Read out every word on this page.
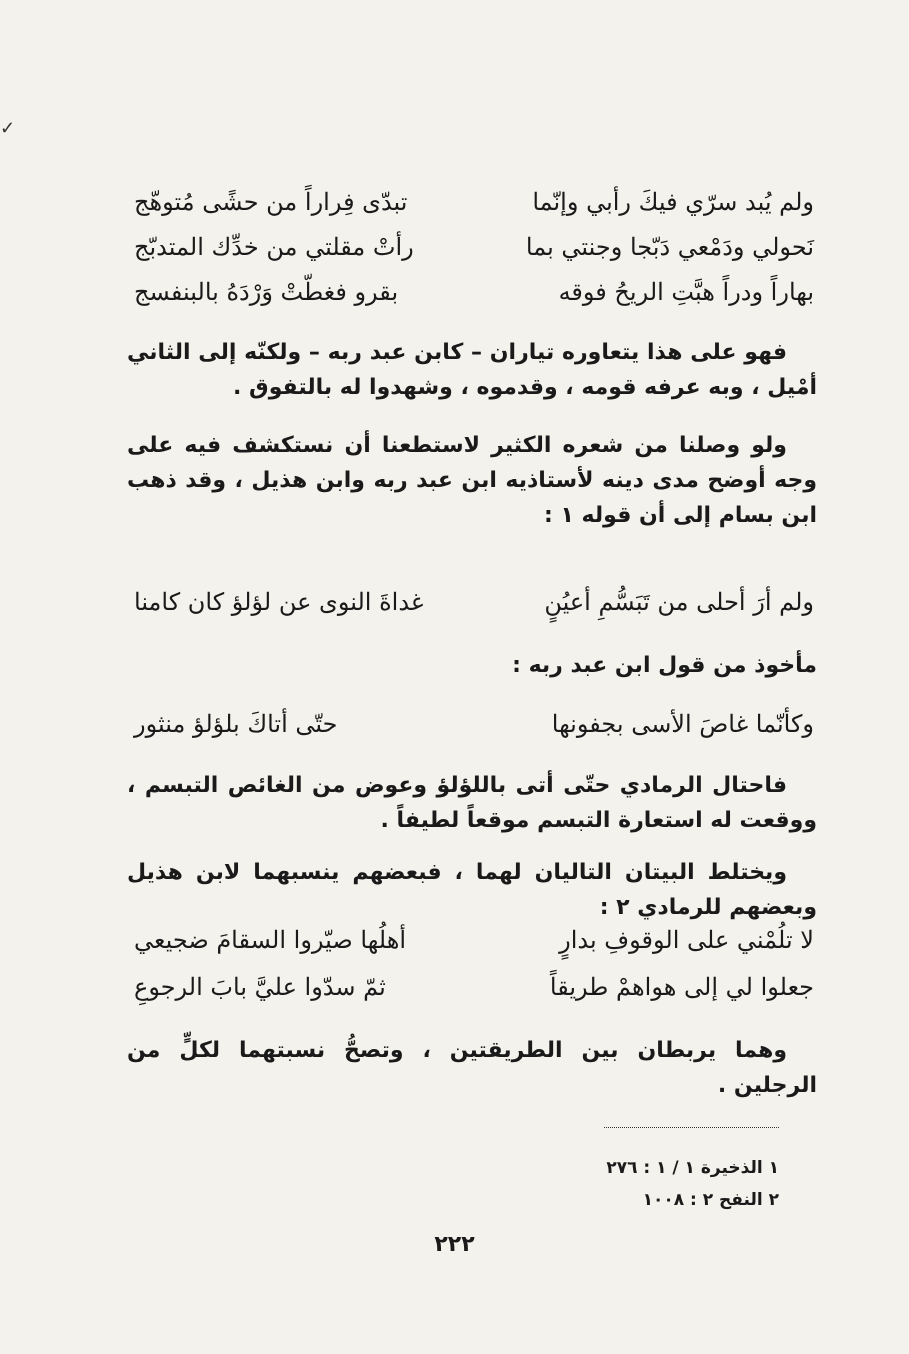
✓
ولم يُبد سرّي فيكَ رأبي وإنّما
تبدّى فِراراً من حشًى مُتوهّج
نَحولي ودَمْعي دَبّجا وجنتي بما
رأتْ مقلتي من خدِّك المتدبّج
بهاراً ودراً هبَّتِ الريحُ فوقه
بقرو فغطّتْ وَرْدَهُ بالبنفسج
فهو على هذا يتعاوره تياران – كابن عبد ربه – ولكنّه إلى الثاني أمْيل ، وبه عرفه قومه ، وقدموه ، وشهدوا له بالتفوق .
ولو وصلنا من شعره الكثير لاستطعنا أن نستكشف فيه على وجه أوضح مدى دينه لأستاذيه ابن عبد ربه وابن هذيل ، وقد ذهب ابن بسام إلى أن قوله ١ :
ولم أرَ أحلى من تَبَسُّمِ أعيُنٍ
غداةَ النوى عن لؤلؤ كان كامنا
مأخوذ من قول ابن عبد ربه :
وكأنّما غاصَ الأسى بجفونها
حتّى أتاكَ بلؤلؤ منثور
فاحتال الرمادي حتّى أتى باللؤلؤ وعوض من الغائص التبسم ، ووقعت له استعارة التبسم موقعاً لطيفاً .
ويختلط البيتان التاليان لهما ، فبعضهم ينسبهما لابن هذيل وبعضهم للرمادي ٢ :
لا تلُمْني على الوقوفِ بدارٍ
أهلُها صيّروا السقامَ ضجيعي
جعلوا لي إلى هواهمْ طريقاً
ثمّ سدّوا عليَّ بابَ الرجوعِ
وهما يربطان بين الطريقتين ، وتصحُّ نسبتهما لكلٍّ من الرجلين .
١ الذخيرة ١ / ١ : ٢٧٦
٢ النفح ٢ : ١٠٠٨
٢٢٢
